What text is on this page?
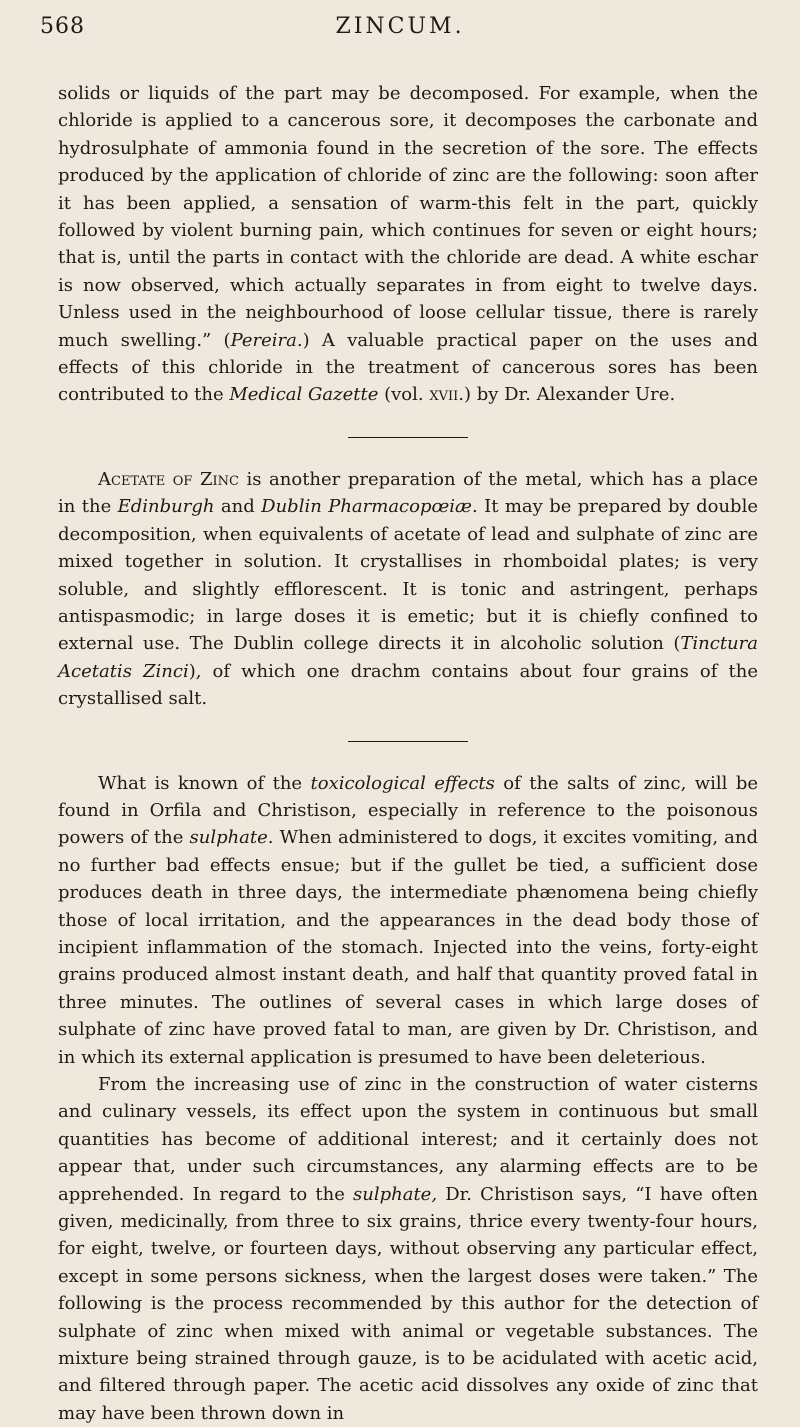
568	ZINCUM.

solids or liquids of the part may be decomposed. For example, when the chloride is applied to a cancerous sore, it decomposes the carbonate and hydrosulphate of ammonia found in the secretion of the sore. The effects produced by the application of chloride of zinc are the following: soon after it has been applied, a sensation of warm-this felt in the part, quickly followed by violent burning pain, which continues for seven or eight hours; that is, until the parts in contact with the chloride are dead. A white eschar is now observed, which actually separates in from eight to twelve days. Unless used in the neighbourhood of loose cellular tissue, there is rarely much swelling.” (Pereira.) A valuable practical paper on the uses and effects of this chloride in the treatment of cancerous sores has been contributed to the Medical Gazette (vol. xvii.) by Dr. Alexander Ure.

Acetate of Zinc is another preparation of the metal, which has a place in the Edinburgh and Dublin Pharmacopœiæ. It may be prepared by double decomposition, when equivalents of acetate of lead and sulphate of zinc are mixed together in solution. It crystallises in rhomboidal plates; is very soluble, and slightly efflorescent. It is tonic and astringent, perhaps antispasmodic; in large doses it is emetic; but it is chiefly confined to external use. The Dublin college directs it in alcoholic solution (Tinctura Acetatis Zinci), of which one drachm contains about four grains of the crystallised salt.

What is known of the toxicological effects of the salts of zinc, will be found in Orfila and Christison, especially in reference to the poisonous powers of the sulphate. When administered to dogs, it excites vomiting, and no further bad effects ensue; but if the gullet be tied, a sufficient dose produces death in three days, the intermediate phænomena being chiefly those of local irritation, and the appearances in the dead body those of incipient inflammation of the stomach. Injected into the veins, forty-eight grains produced almost instant death, and half that quantity proved fatal in three minutes. The outlines of several cases in which large doses of sulphate of zinc have proved fatal to man, are given by Dr. Christison, and in which its external application is presumed to have been deleterious.

From the increasing use of zinc in the construction of water cisterns and culinary vessels, its effect upon the system in continuous but small quantities has become of additional interest; and it certainly does not appear that, under such circumstances, any alarming effects are to be apprehended. In regard to the sulphate, Dr. Christison says, “I have often given, medicinally, from three to six grains, thrice every twenty-four hours, for eight, twelve, or fourteen days, without observing any particular effect, except in some persons sickness, when the largest doses were taken.” The following is the process recommended by this author for the detection of sulphate of zinc when mixed with animal or vegetable substances. The mixture being strained through gauze, is to be acidulated with acetic acid, and filtered through paper. The acetic acid dissolves any oxide of zinc that may have been thrown down in
